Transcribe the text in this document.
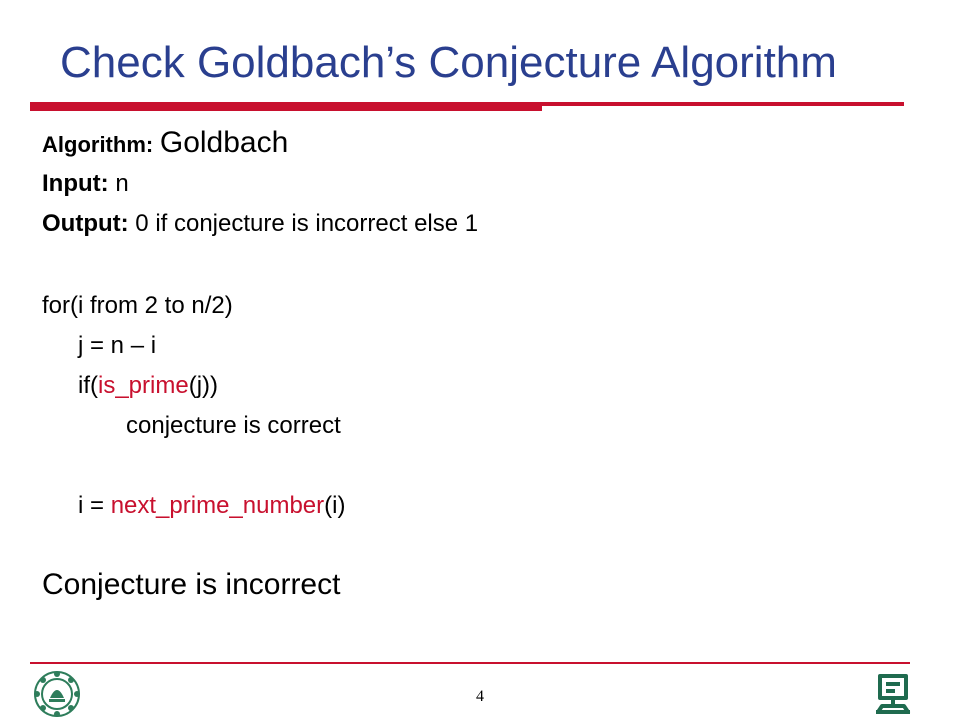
Check Goldbach’s Conjecture Algorithm
Algorithm: Goldbach
Input: n
Output: 0 if conjecture is incorrect else 1
for(i from 2 to n/2)
j = n – i
if(is_prime(j))
conjecture is correct
i = next_prime_number(i)
Conjecture is incorrect
4
